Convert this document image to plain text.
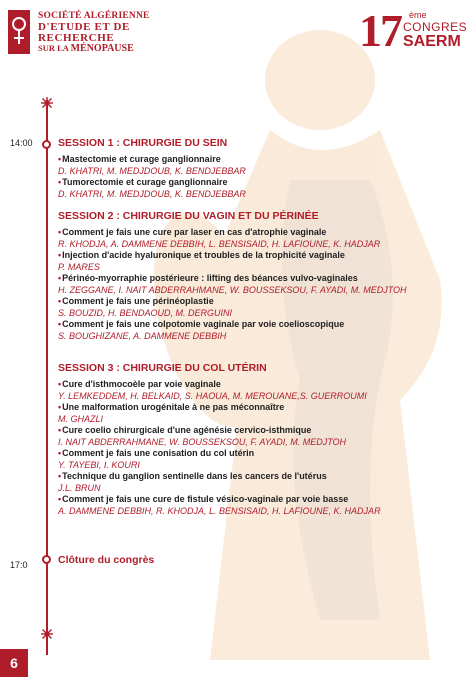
SOCIÉTÉ ALGÉRIENNE
D'ETUDE ET DE
RECHERCHE
SUR LA MÉNOPAUSE	17 ème
CONGRES
SAERM
14:00
17:0
SESSION 1 : CHIRURGIE DU SEIN
• Mastectomie et curage ganglionnaire
D. KHATRI, M. MEDJDOUB, K. BENDJEBBAR
• Tumorectomie et curage ganglionnaire
D. KHATRI, M. MEDJDOUB, K. BENDJEBBAR
SESSION 2 : CHIRURGIE DU VAGIN ET DU PÉRINÉE
• Comment je fais une cure par laser en cas d'atrophie vaginale
R. KHODJA, A. DAMMENE DEBBIH, L. BENSISAID, H. LAFIOUNE, K. HADJAR
• Injection d'acide hyaluronique et troubles de la trophicité vaginale
P. MARES
• Périnéo-myorraphie postérieure : lifting des béances vulvo-vaginales
H. ZEGGANE, I. NAIT ABDERRAHMANE, W. BOUSSEKSOU, F. AYADI, M. MEDJTOH
• Comment je fais une périnéoplastie
S. BOUZID, H. BENDAOUD, M. DERGUINI
• Comment je fais une colpotomie vaginale par voie coelioscopique
S. BOUGHIZANE, A. DAMMENE DEBBIH
SESSION 3 : CHIRURGIE DU COL UTÉRIN
• Cure d'isthmocoèle par voie vaginale
Y. LEMKEDDEM, H. BELKAID, S. HAOUA, M. MEROUANE,S. GUERROUMI
• Une malformation urogénitale à ne pas méconnaître
M. GHAZLI
• Cure coelio chirurgicale d'une agénésie cervico-isthmique
I. NAIT ABDERRAHMANE, W. BOUSSEKSOU, F. AYADI, M. MEDJTOH
• Comment je fais une conisation du col utérin
Y. TAYEBI, I. KOURI
• Technique du ganglion sentinelle dans les cancers de l'utérus
J.L. BRUN
• Comment je fais une cure de fistule vésico-vaginale par voie basse
A. DAMMENE DEBBIH, R. KHODJA, L. BENSISAID, H. LAFIOUNE, K. HADJAR
Clôture du congrès
6
